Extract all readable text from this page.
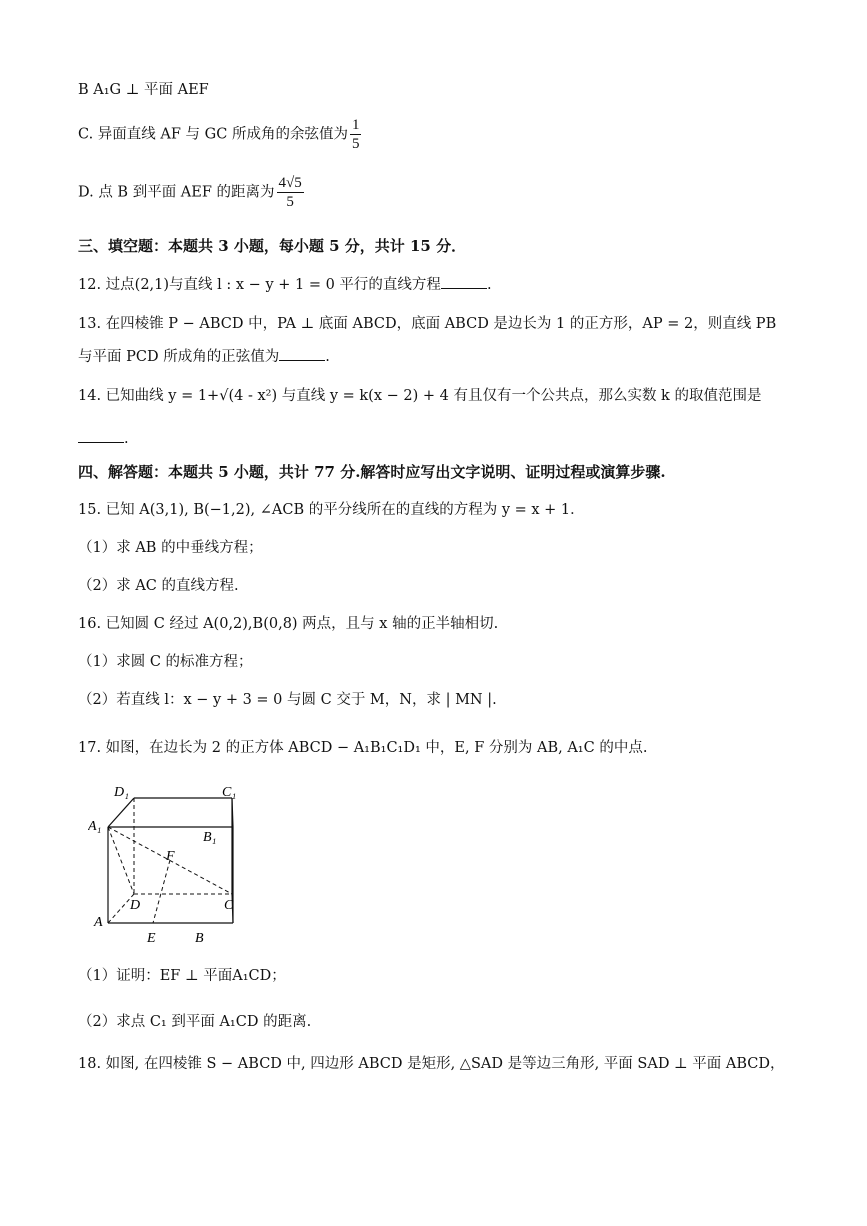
B A₁G ⊥ 平面 AEF
C. 异面直线 AF 与 GC 所成角的余弦值为 $\frac{1}{5}$
D. 点 B 到平面 AEF 的距离为 $\frac{4√5}{5}$
三、填空题：本题共 3 小题，每小题 5 分，共计 15 分．
12. 过点(2,1)与直线 l : x − y + 1 = 0 平行的直线方程	.
13. 在四棱锥 P − ABCD 中，PA ⊥ 底面 ABCD，底面 ABCD 是边长为 1 的正方形，AP = 2，则直线 PB
与平面 PCD 所成角的正弦值为	.
14. 已知曲线 y = 1+√(4 - x²) 与直线 y = k(x − 2) + 4 有且仅有一个公共点，那么实数 k 的取值范围是
.
四、解答题：本题共 5 小题，共计 77 分.解答时应写出文字说明、证明过程或演算步骤.
15. 已知 A(3,1), B(−1,2), ∠ACB 的平分线所在的直线的方程为 y = x + 1．
（1）求 AB 的中垂线方程；
（2）求 AC 的直线方程.
16. 已知圆 C 经过 A(0,2),B(0,8) 两点，且与 x 轴的正半轴相切.
（1）求圆 C 的标准方程；
（2）若直线 l：x − y + 3 = 0 与圆 C 交于 M，N，求 | MN |.
17. 如图，在边长为 2 的正方体 ABCD − A₁B₁C₁D₁ 中，E, F 分别为 AB, A₁C 的中点.
D₁	C₁
A₁
B₁
F
D	C
A
E	B
（1）证明：EF ⊥ 平面A₁CD；
（2）求点 C₁ 到平面 A₁CD 的距离.
18. 如图, 在四棱锥 S − ABCD 中, 四边形 ABCD 是矩形, △SAD 是等边三角形, 平面 SAD ⊥ 平面 ABCD，
